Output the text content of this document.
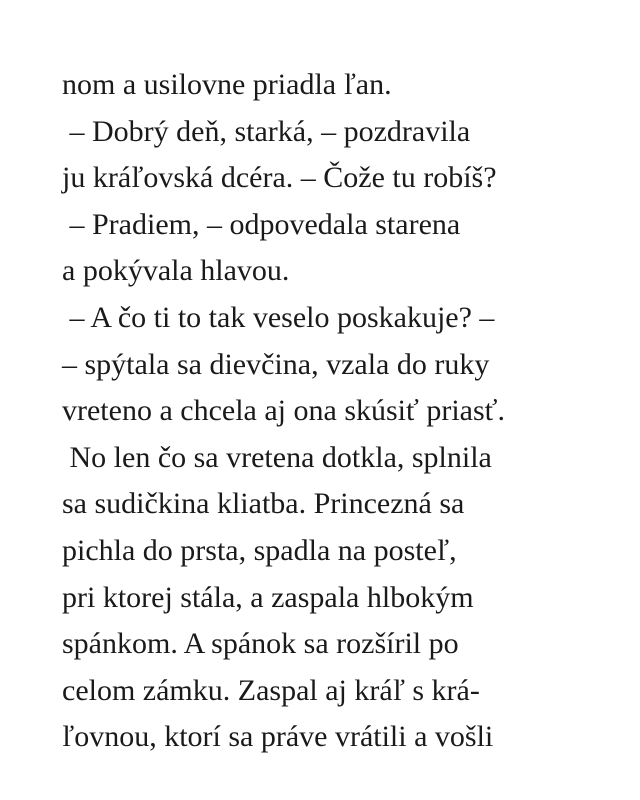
nom a usilovne priadla ľan.

– Dobrý deň, starká, – pozdravila

ju kráľovská dcéra. – Čože tu robíš?

– Pradiem, – odpovedala starena

a pokývala hlavou.

– A čo ti to tak veselo poskakuje? –

– spýtala sa dievčina, vzala do ruky

vreteno a chcela aj ona skúsiť priasť.

No len čo sa vretena dotkla, splnila

sa sudičkina kliatba. Princezná sa

pichla do prsta, spadla na posteľ,

pri ktorej stála, a zaspala hlbokým

spánkom. A spánok sa rozšíril po

celom zámku. Zaspal aj kráľ s krá-

ľovnou, ktorí sa práve vrátili a vošli
